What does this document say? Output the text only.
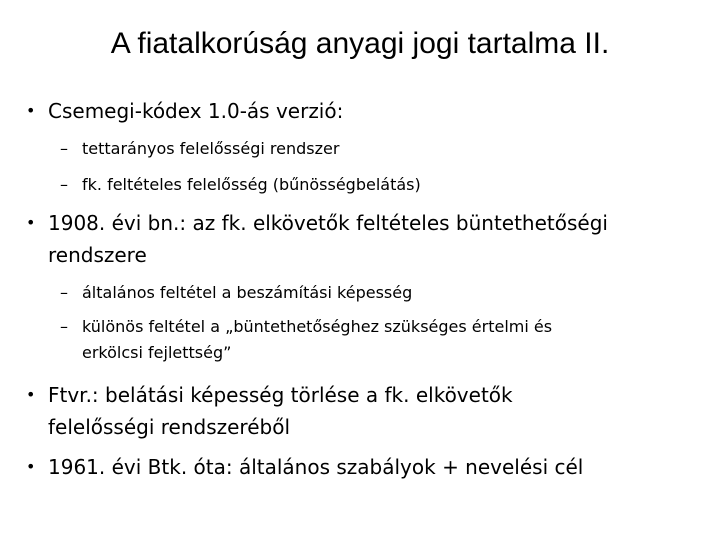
A fiatalkorúság anyagi jogi tartalma II.
• Csemegi-kódex 1.0-ás verzió:
– tettarányos felelősségi rendszer
– fk. feltételes felelősség (bűnösségbelátás)
• 1908. évi bn.: az fk. elkövetők feltételes büntethetőségi
rendszere
– általános feltétel a beszámítási képesség
– különös feltétel a „büntethetőséghez szükséges értelmi és
erkölcsi fejlettség”
• Ftvr.: belátási képesség törlése a fk. elkövetők
felelősségi rendszeréből
• 1961. évi Btk. óta: általános szabályok + nevelési cél
